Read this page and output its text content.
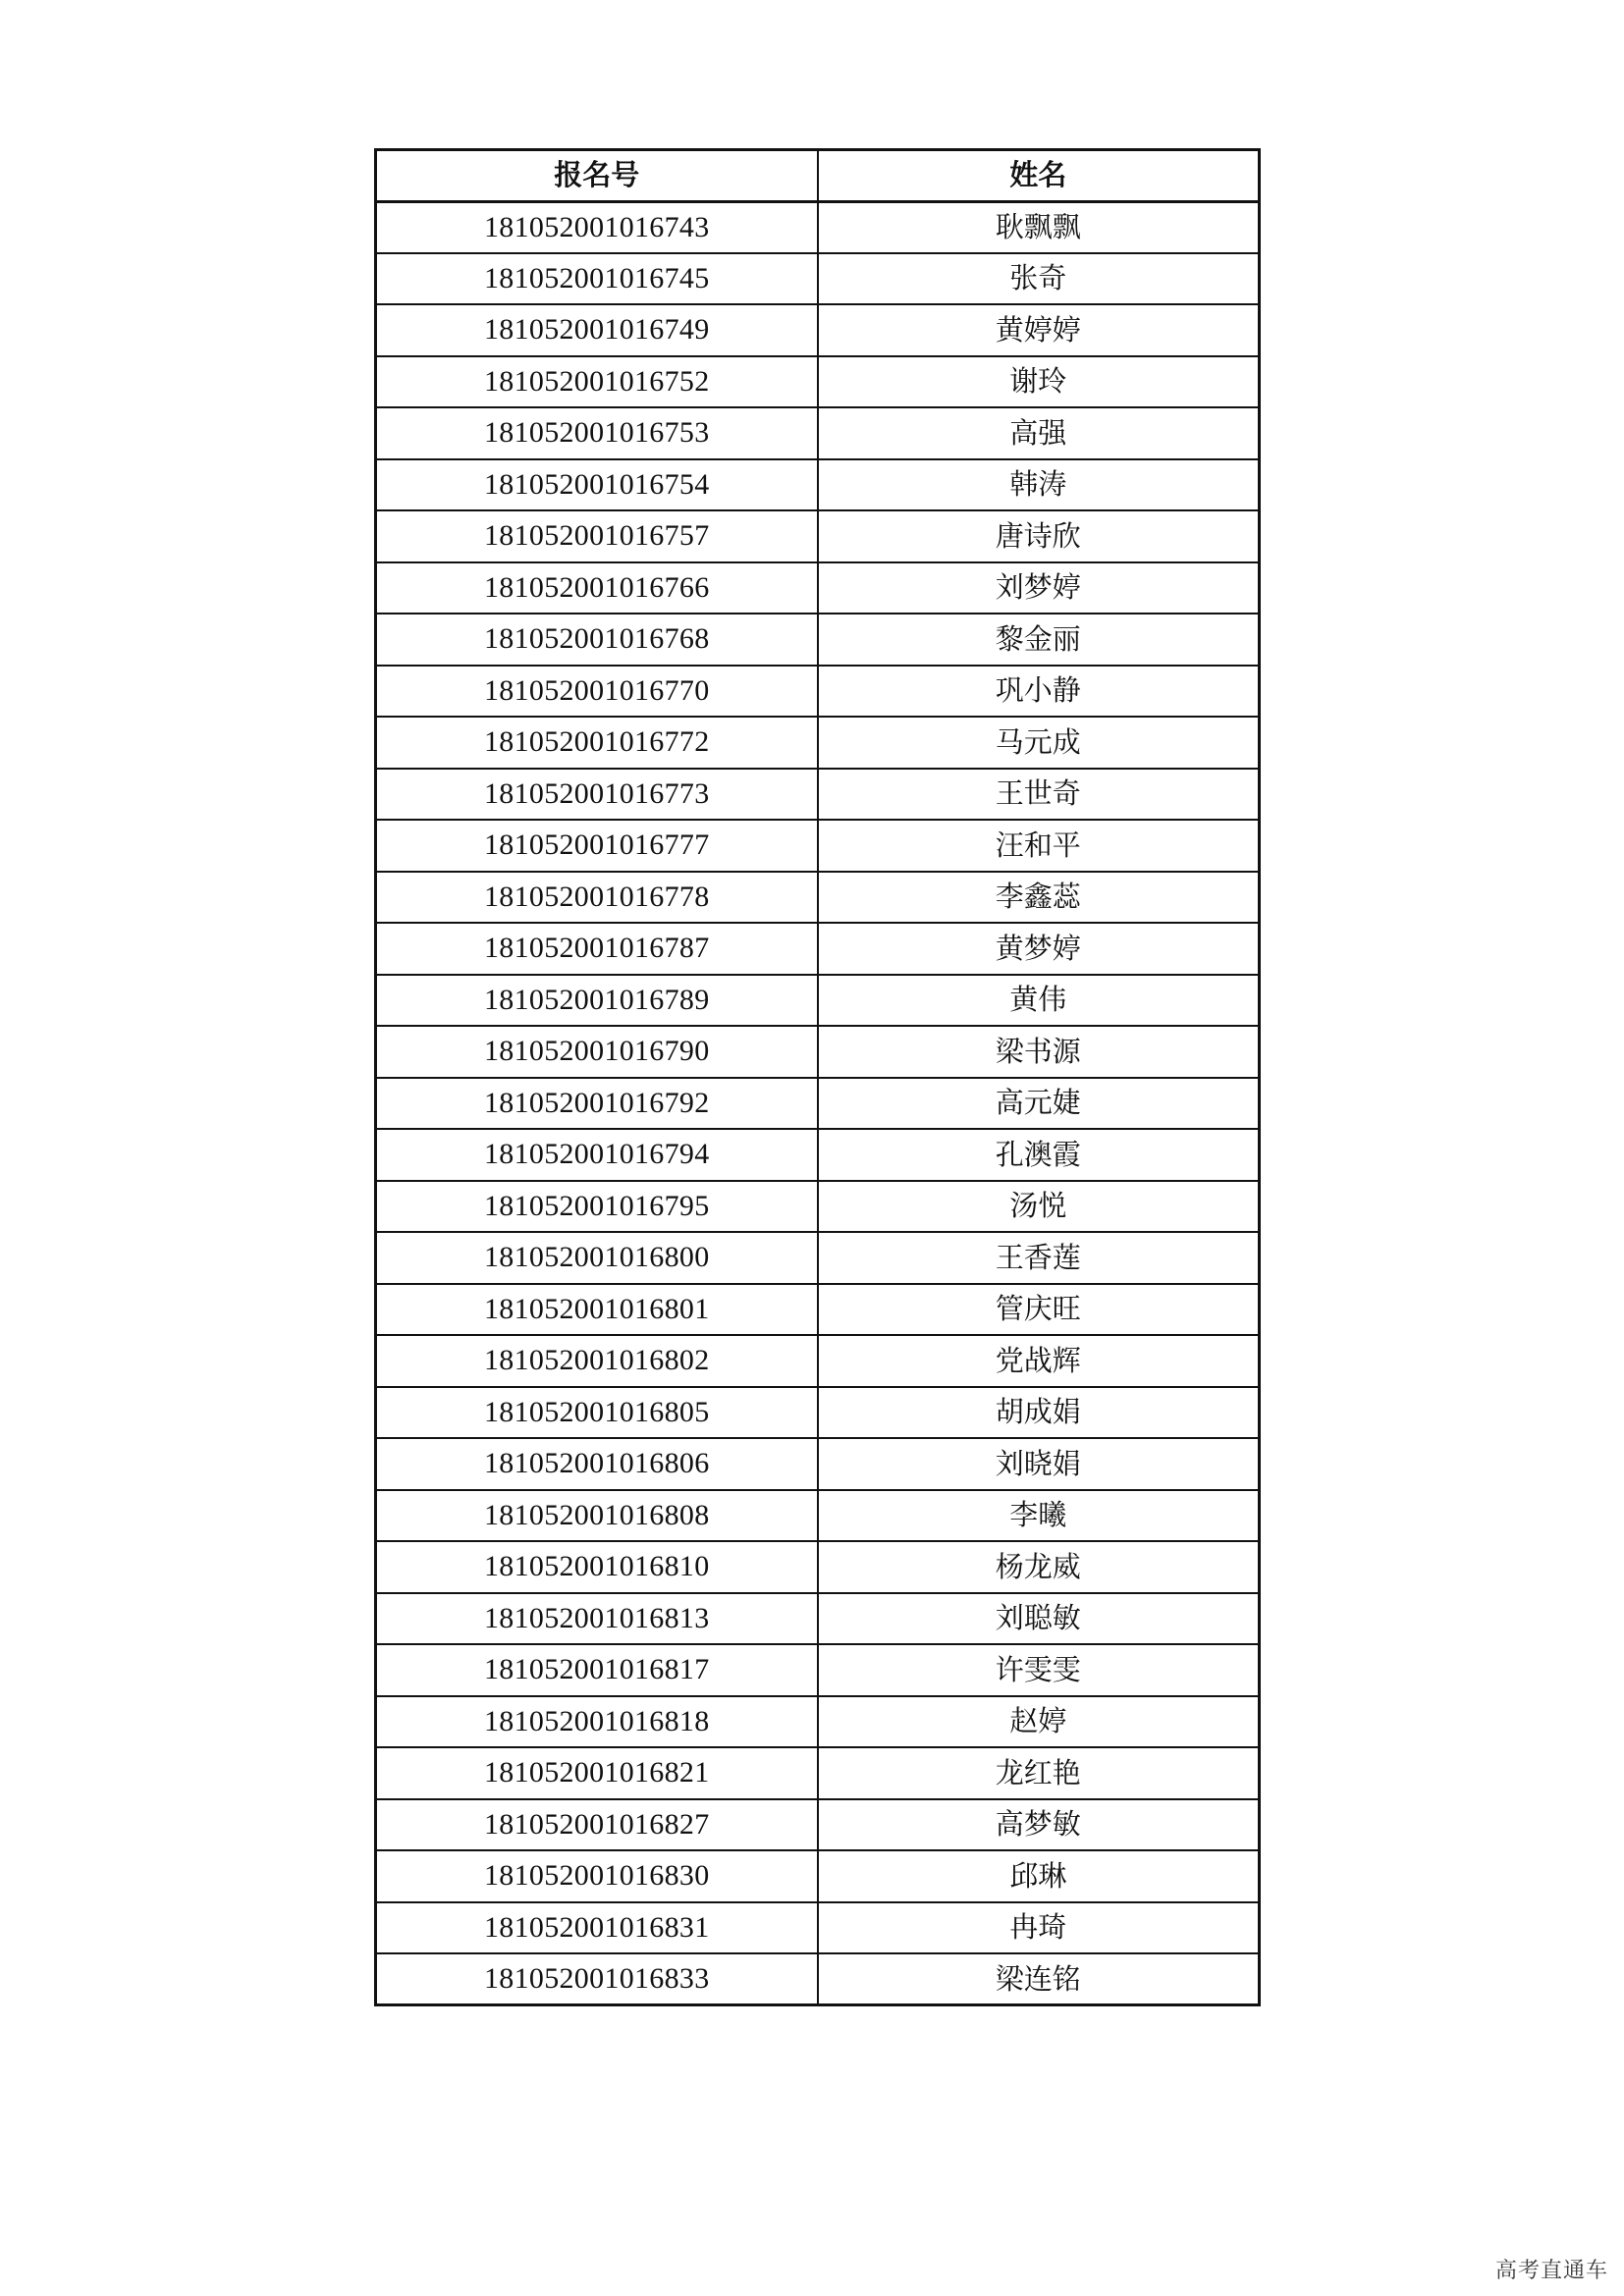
报名号	姓名
181052001016743	耿飘飘
181052001016745	张奇
181052001016749	黄婷婷
181052001016752	谢玲
181052001016753	高强
181052001016754	韩涛
181052001016757	唐诗欣
181052001016766	刘梦婷
181052001016768	黎金丽
181052001016770	巩小静
181052001016772	马元成
181052001016773	王世奇
181052001016777	汪和平
181052001016778	李鑫蕊
181052001016787	黄梦婷
181052001016789	黄伟
181052001016790	梁书源
181052001016792	高元婕
181052001016794	孔澳霞
181052001016795	汤悦
181052001016800	王香莲
181052001016801	管庆旺
181052001016802	党战辉
181052001016805	胡成娟
181052001016806	刘晓娟
181052001016808	李曦
181052001016810	杨龙威
181052001016813	刘聪敏
181052001016817	许雯雯
181052001016818	赵婷
181052001016821	龙红艳
181052001016827	高梦敏
181052001016830	邱琳
181052001016831	冉琦
181052001016833	梁连铭
高考直通车
